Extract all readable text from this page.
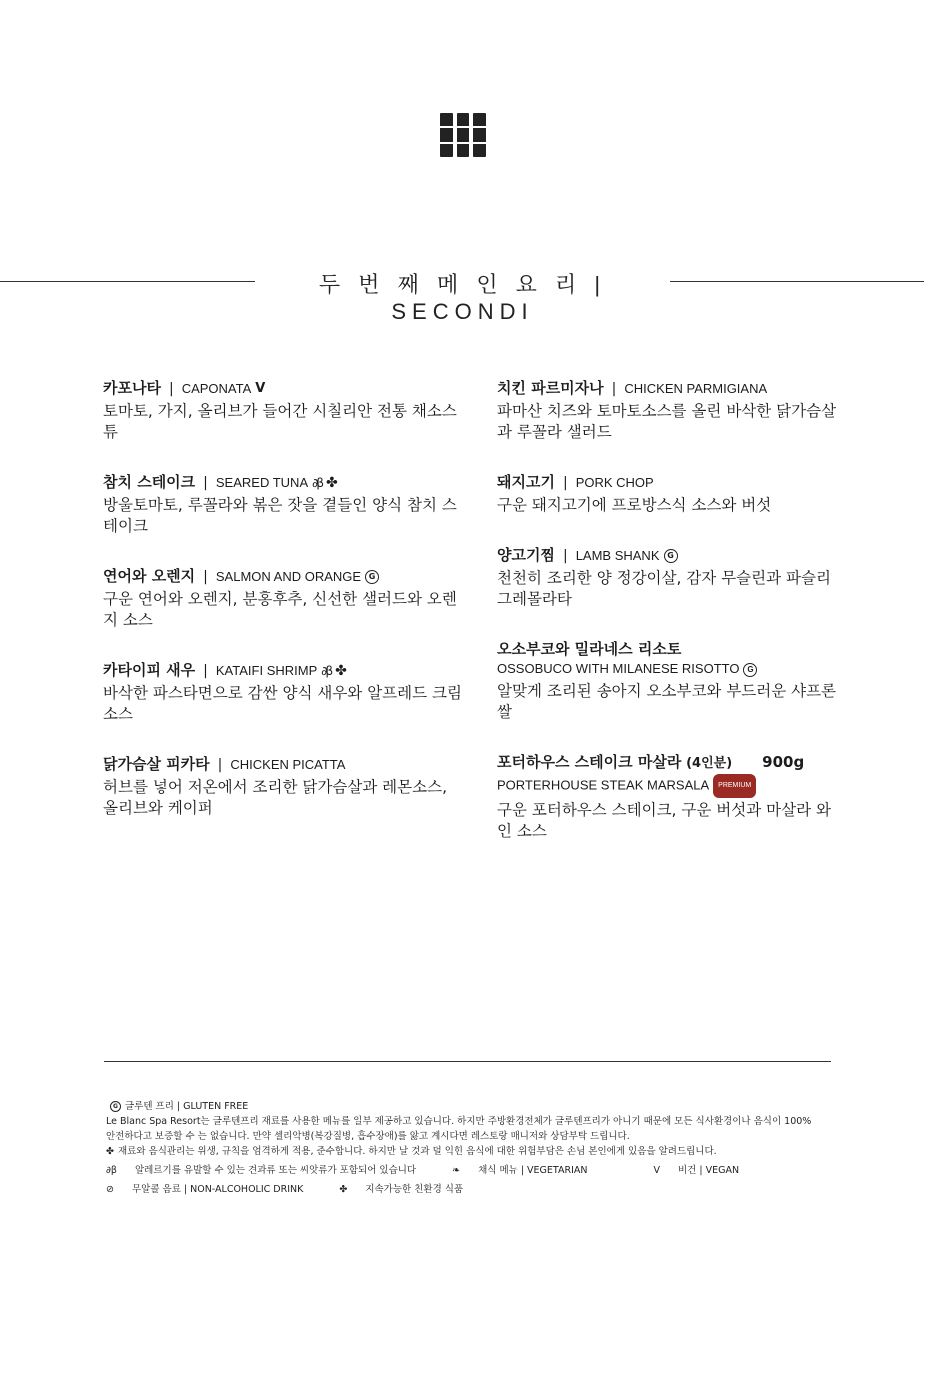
두 번 째 메 인 요 리 | SECONDI
카포나타 | CAPONATA V
토마토, 가지, 올리브가 들어간 시칠리안 전통 채소스튜
참치 스테이크 | SEARED TUNA ∂β ✤
방울토마토, 루꼴라와 볶은 잣을 곁들인 양식 참치 스테이크
연어와 오렌지 | SALMON AND ORANGE G
구운 연어와 오렌지, 분홍후추, 신선한 샐러드와 오렌지 소스
카타이피 새우 | KATAIFI SHRIMP ∂β ✤
바삭한 파스타면으로 감싼 양식 새우와 알프레드 크림소스
닭가슴살 피카타 | CHICKEN PICATTA
허브를 넣어 저온에서 조리한 닭가슴살과 레몬소스, 올리브와 케이퍼
치킨 파르미자나 | CHICKEN PARMIGIANA
파마산 치즈와 토마토소스를 올린 바삭한 닭가슴살과 루꼴라 샐러드
돼지고기 | PORK CHOP
구운 돼지고기에 프로방스식 소스와 버섯
양고기찜 | LAMB SHANK G
천천히 조리한 양 정강이살, 감자 무슬린과 파슬리 그레몰라타
오소부코와 밀라네스 리소토
OSSOBUCO WITH MILANESE RISOTTO G
알맞게 조리된 송아지 오소부코와 부드러운 샤프론 쌀
포터하우스 스테이크 마살라 (4인분) 900g
PORTERHOUSE STEAK MARSALA PREMIUM
구운 포터하우스 스테이크, 구운 버섯과 마살라 와인 소스
G 글루텐 프리 | GLUTEN FREE
Le Blanc Spa Resort는 글루텐프리 재료를 사용한 메뉴를 일부 제공하고 있습니다. 하지만 주방환경전체가 글루텐프리가 아니기 때문에 모든 식사환경이나 음식이 100%
안전하다고 보증할 수 는 없습니다. 만약 셀리악병(복강질병, 흡수장애)를 앓고 계시다면 레스토랑 매니저와 상담부탁 드립니다.
✤ 재료와 음식관리는 위생, 규칙을 엄격하게 적용, 준수합니다. 하지만 날 것과 덜 익힌 음식에 대한 위험부담은 손님 본인에게 있음을 알려드립니다.
∂β 알레르기를 유발할 수 있는 견과류 또는 씨앗류가 포함되어 있습니다	❧ 채식 메뉴 | VEGETARIAN	V 비건 | VEGAN
⊘ 무알콜 음료 | NON-ALCOHOLIC DRINK	✤ 지속가능한 친환경 식품
